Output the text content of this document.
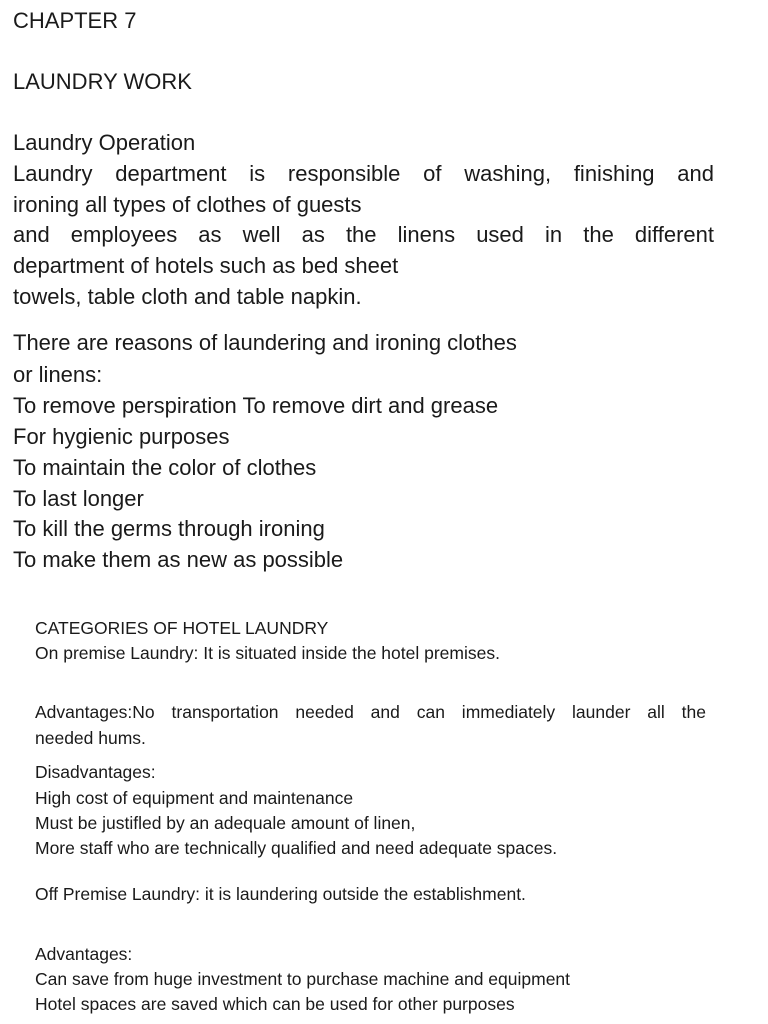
CHAPTER 7

LAUNDRY WORK

Laundry Operation

Laundry department is responsible of washing, finishing and

ironing all types of clothes of guests

and employees as well as the linens used in the different

department of hotels such as bed sheet

towels, table cloth and table napkin.

There are reasons of laundering and ironing clothes

or linens:

To remove perspiration To remove dirt and grease

For hygienic purposes

To maintain the color of clothes

To last longer

To kill the germs through ironing

To make them as new as possible

CATEGORIES OF HOTEL LAUNDRY

On premise Laundry: It is situated inside the hotel premises.

Advantages:No transportation needed and can immediately launder all the

needed hums.

Disadvantages:

High cost of equipment and maintenance

Must be justifled by an adequale amount of linen,

More staff who are technically qualified and need adequate spaces.

Off Premise Laundry: it is laundering outside the establishment.

Advantages:

Can save from huge investment to purchase machine and equipment

Hotel spaces are saved which can be used for other purposes
